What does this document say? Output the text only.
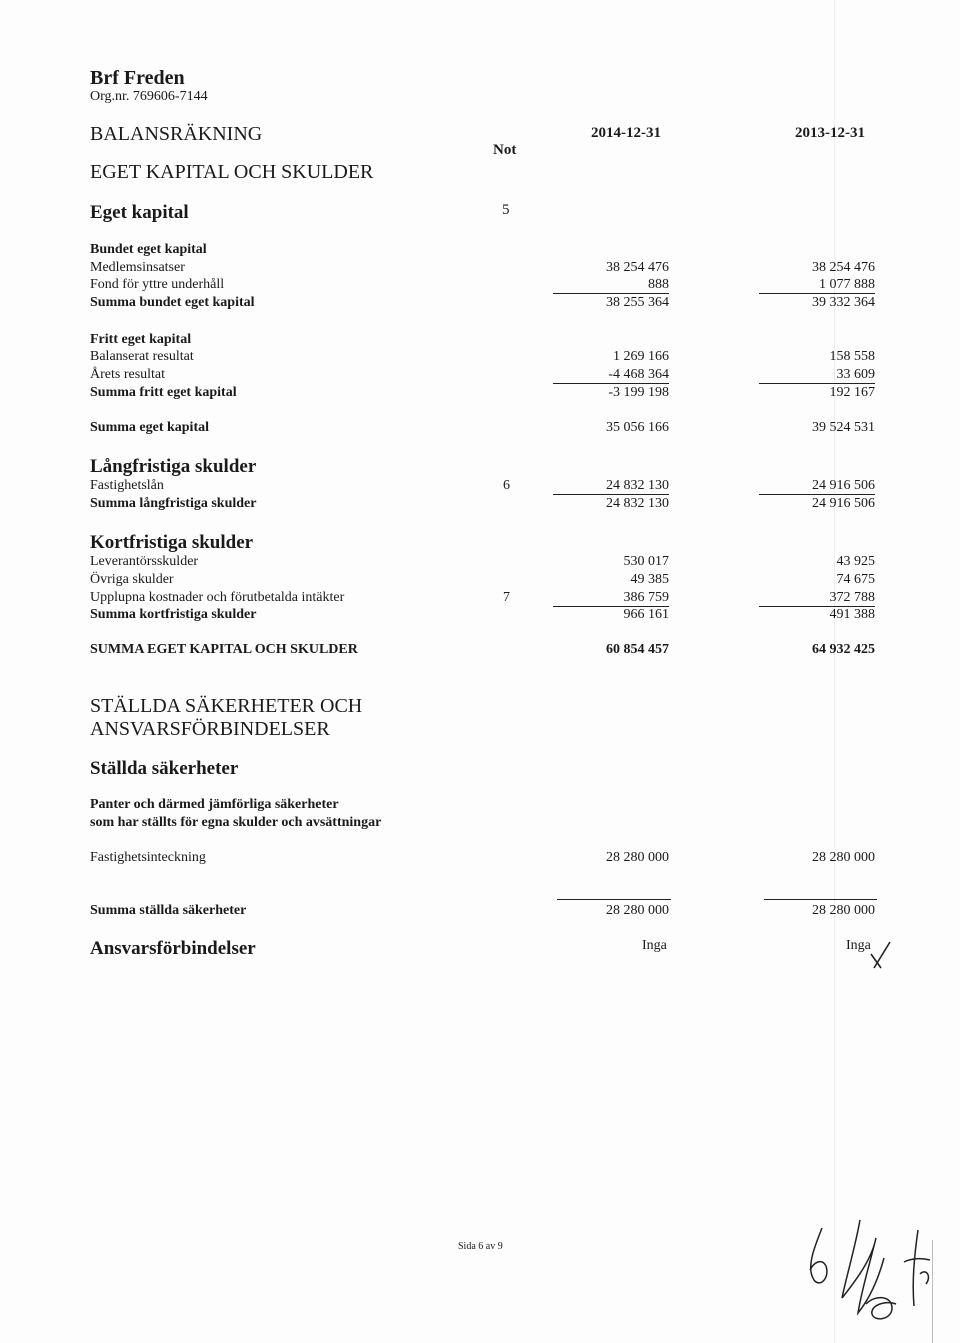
Brf Freden
Org.nr. 769606-7144
BALANSRÄKNING
EGET KAPITAL OCH SKULDER
Not
2014-12-31	2013-12-31
Eget kapital	5
Bundet eget kapital
Medlemsinsatser	38 254 476	38 254 476
Fond för yttre underhåll	888	1 077 888
Summa bundet eget kapital	38 255 364	39 332 364
Fritt eget kapital
Balanserat resultat	1 269 166	158 558
Årets resultat	-4 468 364	33 609
Summa fritt eget kapital	-3 199 198	192 167
Summa eget kapital	35 056 166	39 524 531
Långfristiga skulder
Fastighetslån	6	24 832 130	24 916 506
Summa långfristiga skulder	24 832 130	24 916 506
Kortfristiga skulder
Leverantörsskulder	530 017	43 925
Övriga skulder	49 385	74 675
Upplupna kostnader och förutbetalda intäkter	7	386 759	372 788
Summa kortfristiga skulder	966 161	491 388
SUMMA EGET KAPITAL OCH SKULDER	60 854 457	64 932 425
STÄLLDA SÄKERHETER OCH
ANSVARSFÖRBINDELSER
Ställda säkerheter
Panter och därmed jämförliga säkerheter
som har ställts för egna skulder och avsättningar
Fastighetsinteckning	28 280 000	28 280 000
Summa ställda säkerheter	28 280 000	28 280 000
Ansvarsförbindelser	Inga	Inga
Sida 6 av 9
